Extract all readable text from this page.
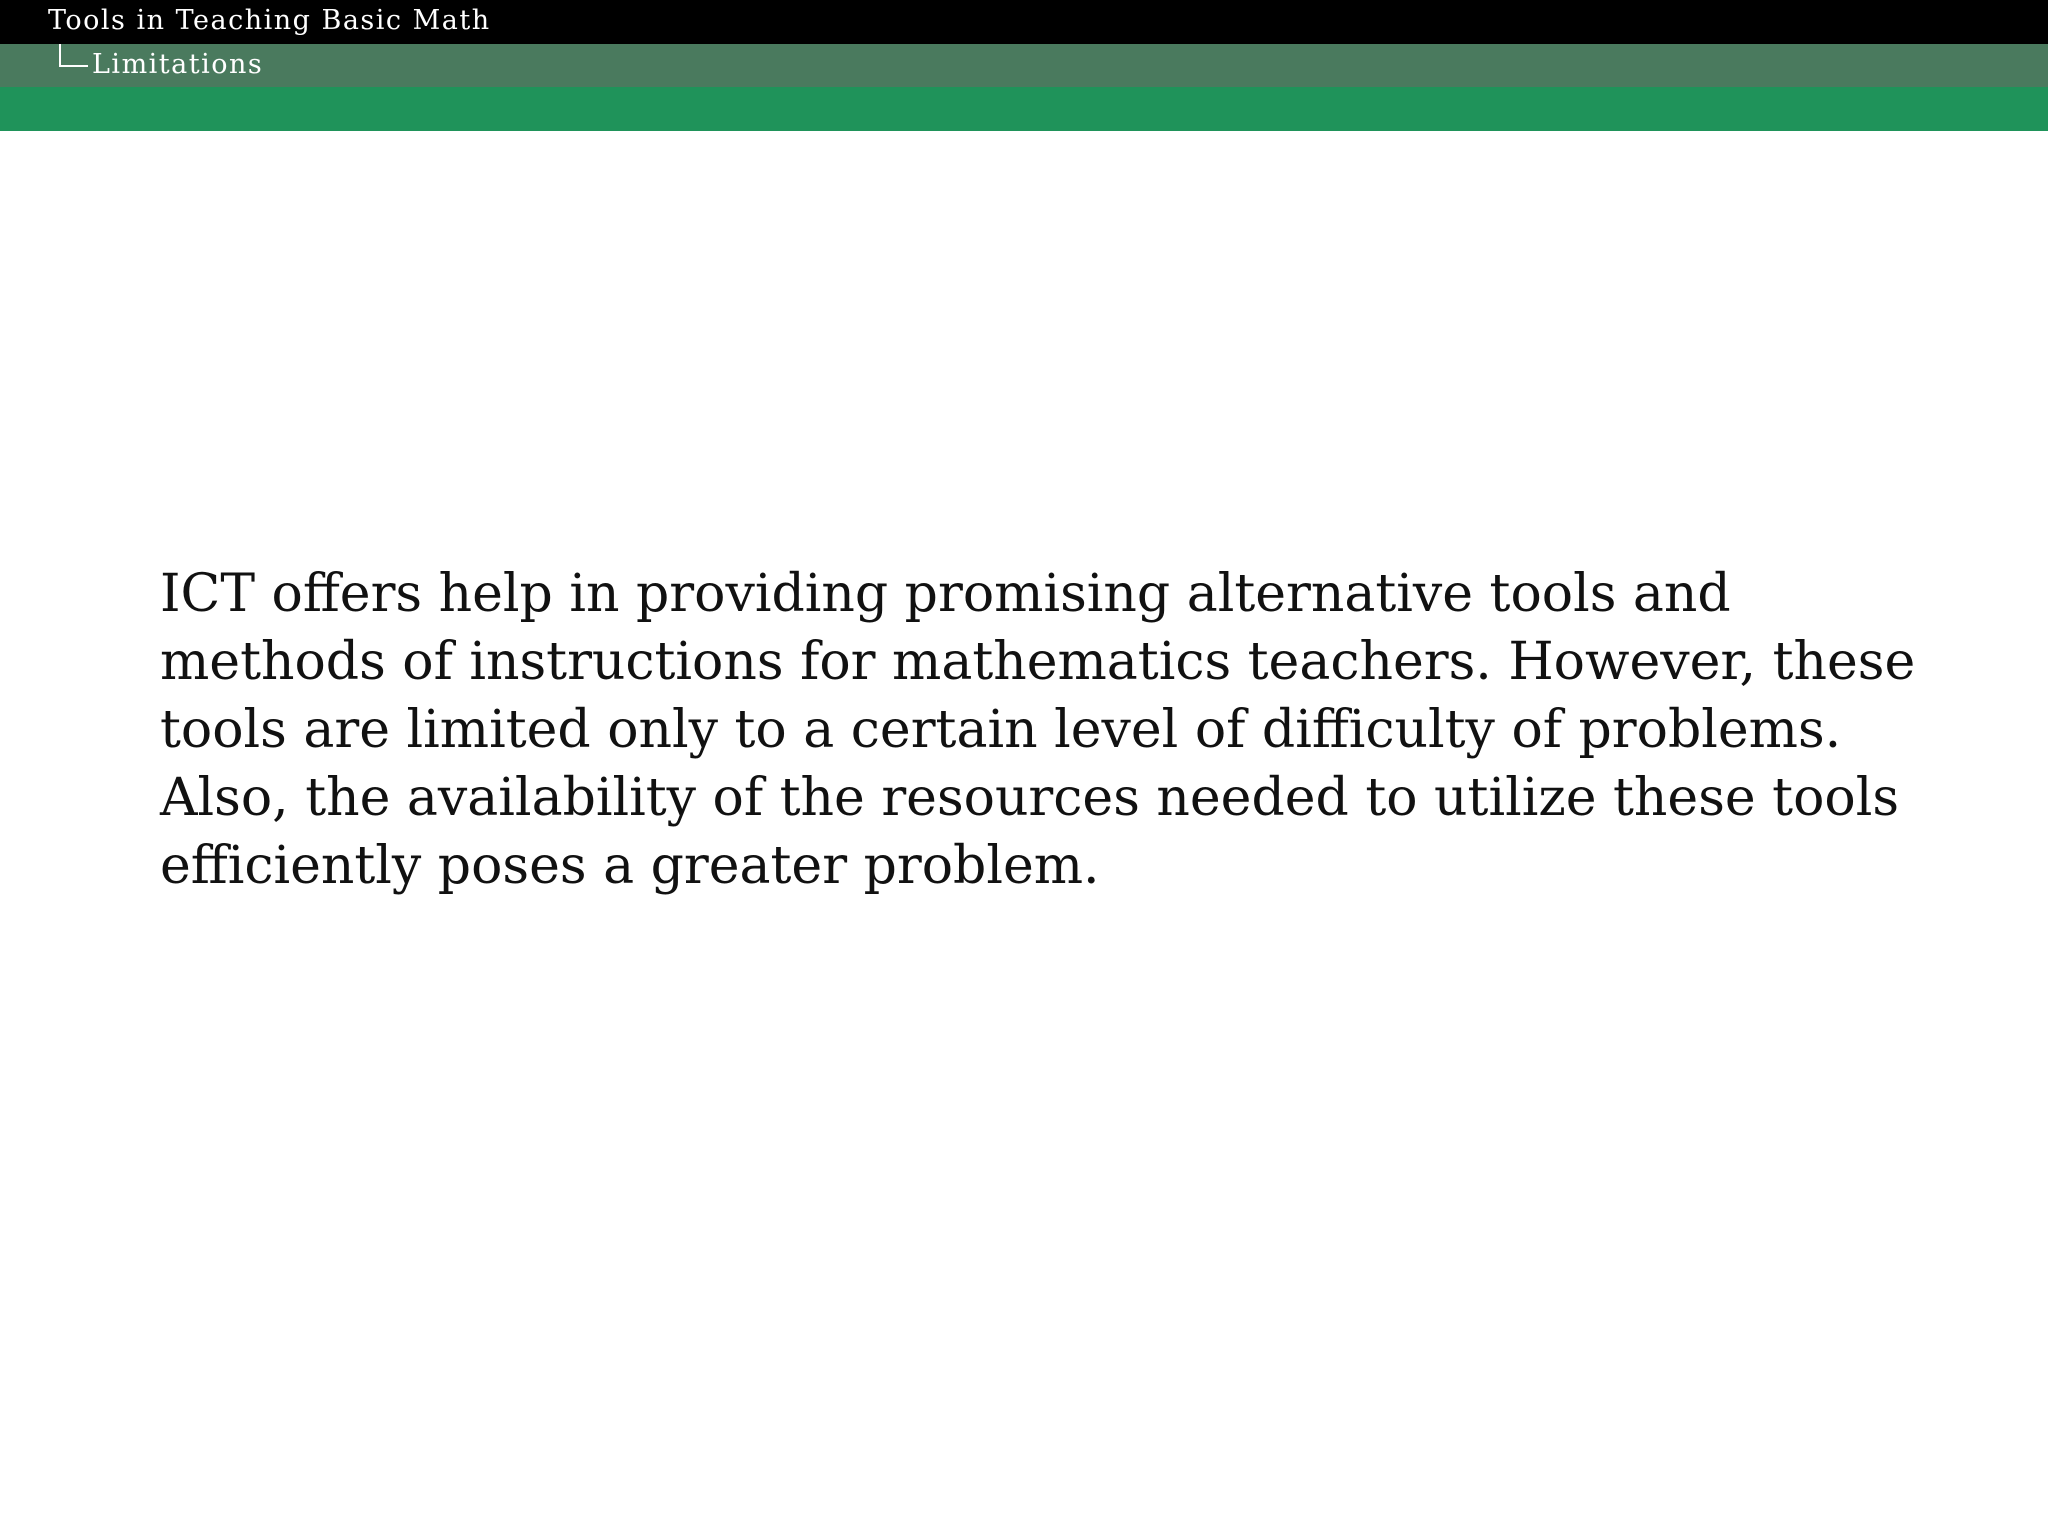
Tools in Teaching Basic Math
Limitations

ICT offers help in providing promising alternative tools and methods of instructions for mathematics teachers. However, these tools are limited only to a certain level of difficulty of problems. Also, the availability of the resources needed to utilize these tools efficiently poses a greater problem.
